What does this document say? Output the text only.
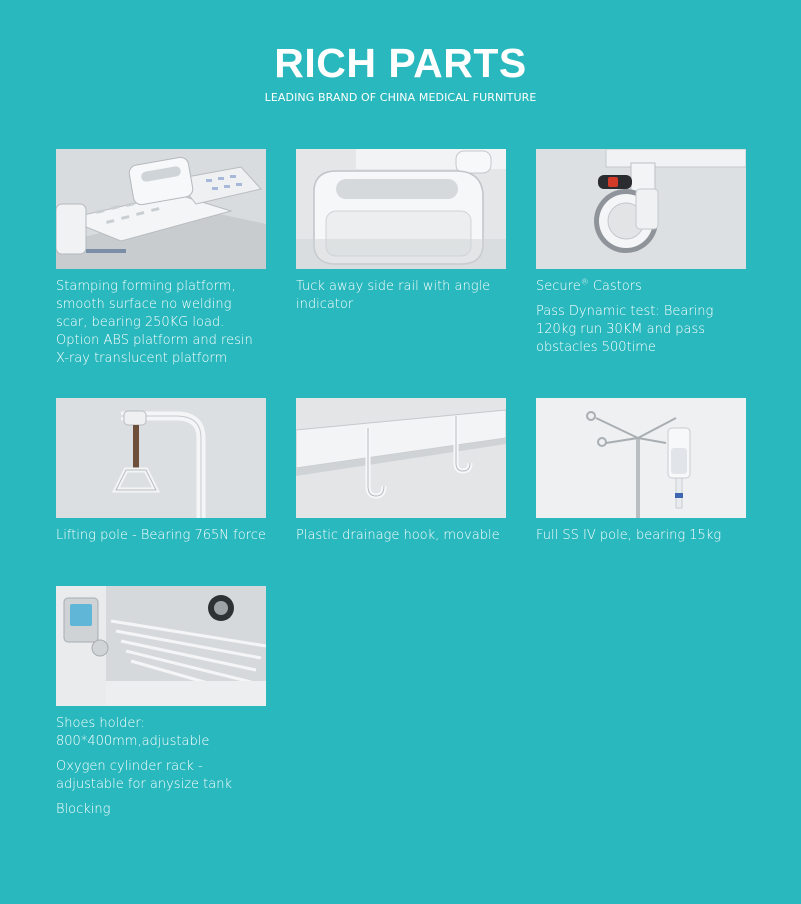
RICH PARTS
LEADING BRAND OF CHINA MEDICAL FURNITURE

Stamping forming platform, smooth surface no welding scar, bearing 250KG load. Option ABS platform and resin X-ray translucent platform

Tuck away side rail with angle indicator

Secure® Castors

Pass Dynamic test: Bearing 120kg run 30KM and pass obstacles 500time

Lifting pole - Bearing 765N force Plastic drainage hook, movable	Full SS IV pole, bearing 15kg

Shoes holder: 800*400mm,adjustable

Oxygen cylinder rack - adjustable for anysize tank

Blocking
